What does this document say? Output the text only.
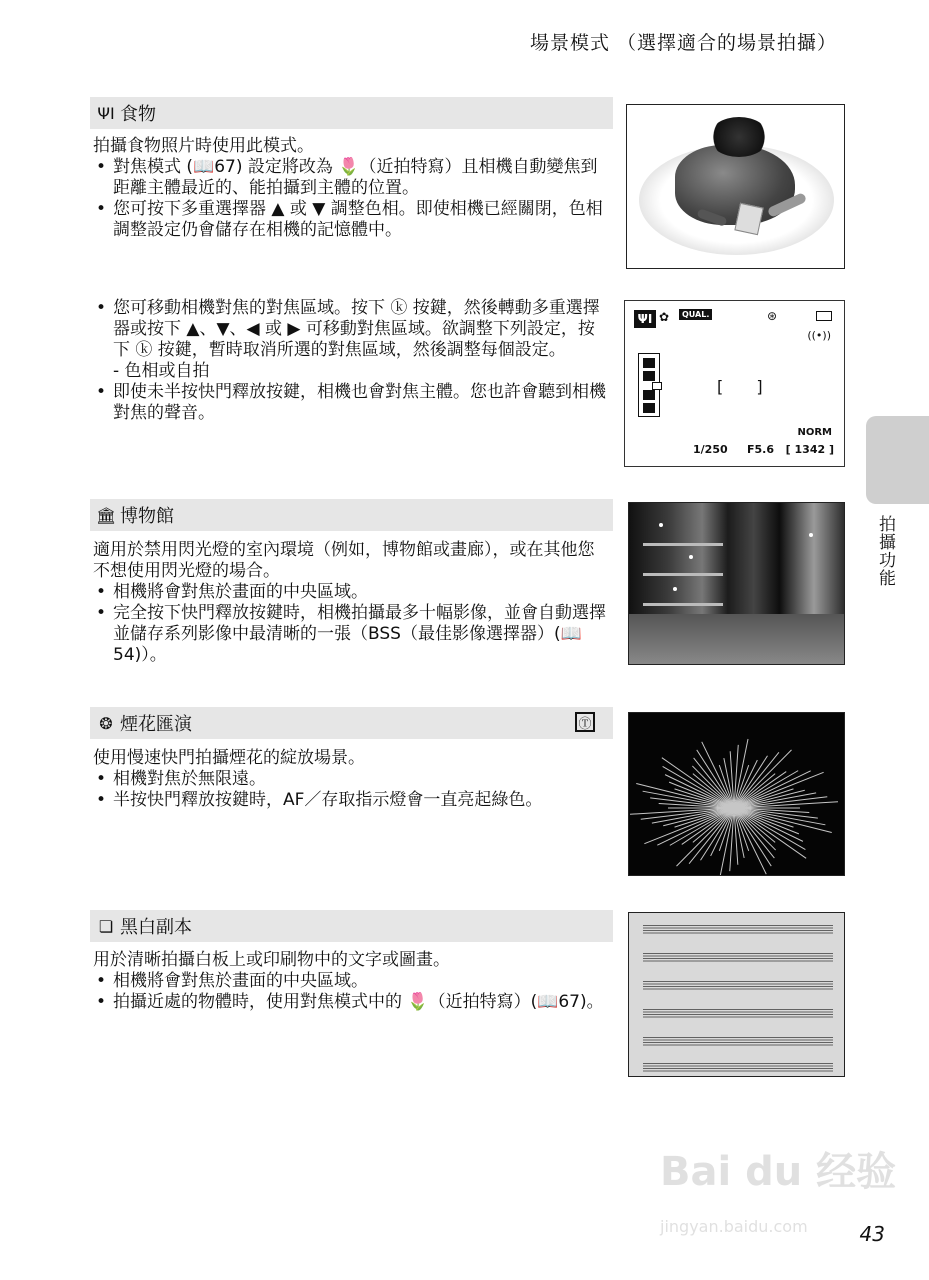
場景模式 （選擇適合的場景拍攝）
ΨΙ 食物

拍攝食物照片時使用此模式。

• 對焦模式 (📖67) 設定將改為 🌷（近拍特寫）且相機自動變焦到距離主體最近的、能拍攝到主體的位置。
• 您可按下多重選擇器 ▲ 或 ▼ 調整色相。即使相機已經關閉，色相調整設定仍會儲存在相機的記憶體中。
• 您可移動相機對焦的對焦區域。按下 ⓚ 按鍵，然後轉動多重選擇器或按下 ▲、▼、◀ 或 ▶ 可移動對焦區域。欲調整下列設定，按下 ⓚ 按鍵，暫時取消所選的對焦區域，然後調整每個設定。
- 色相或自拍
• 即使未半按快門釋放按鍵，相機也會對焦主體。您也許會聽到相機對焦的聲音。
ΨΙ ✿	QUAL.	⊛
((•))
[ ]
NORM
1/250 F5.6 [ 1342 ]
🏛 博物館

適用於禁用閃光燈的室內環境（例如，博物館或畫廊），或在其他您不想使用閃光燈的場合。

• 相機將會對焦於畫面的中央區域。
• 完全按下快門釋放按鍵時，相機拍攝最多十幅影像，並會自動選擇並儲存系列影像中最清晰的一張（BSS（最佳影像選擇器）(📖54)）。
❂ 煙花匯演	Ⓣ

使用慢速快門拍攝煙花的綻放場景。

• 相機對焦於無限遠。
• 半按快門釋放按鍵時，AF／存取指示燈會一直亮起綠色。
❏ 黑白副本

用於清晰拍攝白板上或印刷物中的文字或圖畫。

• 相機將會對焦於畫面的中央區域。
• 拍攝近處的物體時，使用對焦模式中的 🌷（近拍特寫）(📖67)。
拍攝功能
Bai du 经验
jingyan.baidu.com	43
